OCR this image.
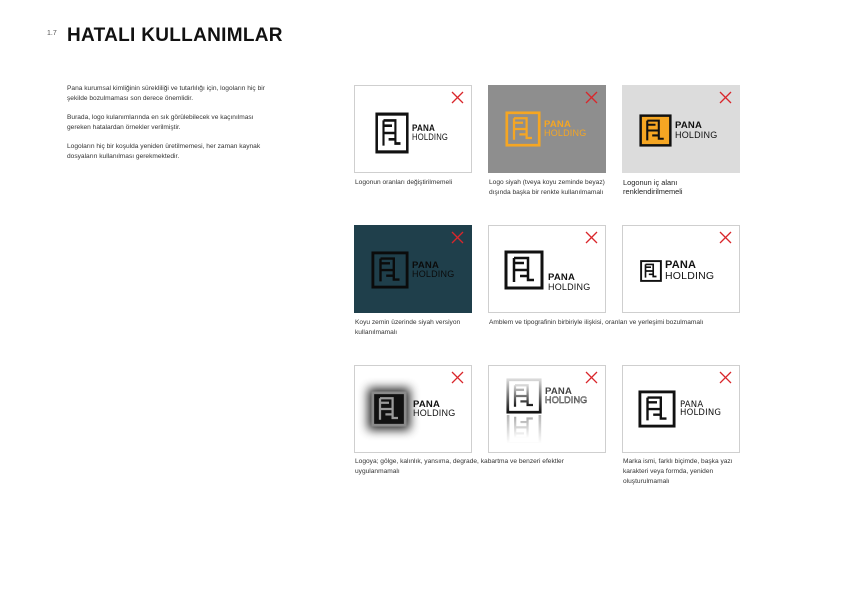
1.7 HATALI KULLANIMLAR

Pana kurumsal kimliğinin sürekliliği ve tutarlılığı için, logoların hiç bir şekilde bozulmaması son derece önemlidir.

Burada, logo kulanımlarında en sık görülebilecek ve kaçınılması gereken hatalardan örnekler verilmiştir.

Logoların hiç bir koşulda yeniden üretilmemesi, her zaman kaynak dosyaların kullanılması gerekmektedir.

PANA
HOLDING
Logonun oranları değiştirilmemeli
PANA
HOLDING
Logo siyah (tveya koyu zeminde beyaz) dışında başka bir renkte kullanılmamalı
PANA
HOLDING
Logonun iç alanı renklendirilmemeli
PANA
HOLDING
Koyu zemin üzerinde siyah versiyon kullanılmamalı
PANA
HOLDING
Amblem ve tipografinin birbiriyle ilişkisi, oranları ve yerleşimi bozulmamalı
PANA
HOLDING
PANA
HOLDING
PANA
HOLDING
Logoya; gölge, kalınlık, yansıma, degrade, kabartma ve benzeri efektler uygulanmamalı
PANA
HOLDING
Marka ismi, farklı biçimde, başka yazı karakteri veya formda, yeniden oluşturulmamalı
